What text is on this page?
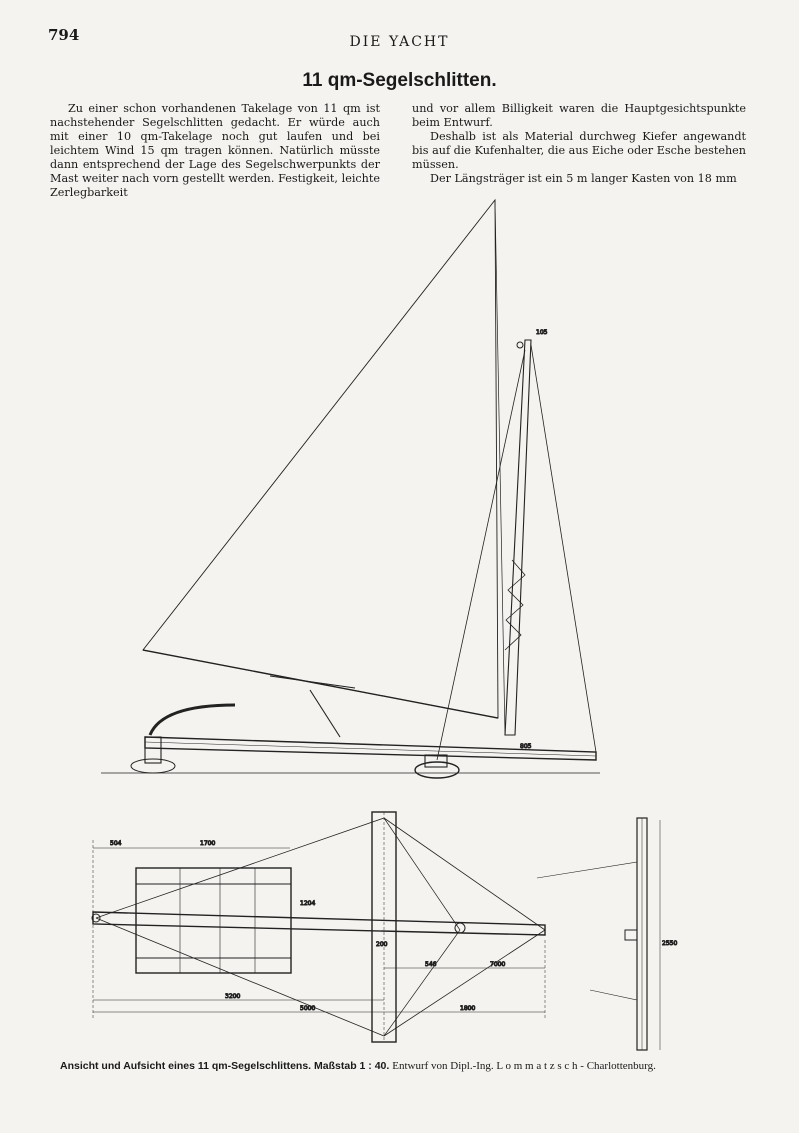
794	DIE YACHT
11 qm-Segelschlitten.

Zu einer schon vorhandenen Takelage von 11 qm ist nachstehender Segelschlitten gedacht. Er würde auch mit einer 10 qm-Takelage noch gut laufen und bei leichtem Wind 15 qm tragen können. Natürlich müsste dann entsprechend der Lage des Segelschwerpunkts der Mast weiter nach vorn gestellt werden. Festigkeit, leichte Zerlegbarkeit

und vor allem Billigkeit waren die Hauptgesichtspunkte beim Entwurf.

Deshalb ist als Material durchweg Kiefer angewandt bis auf die Kufenhalter, die aus Eiche oder Esche bestehen müssen.

Der Längsträger ist ein 5 m langer Kasten von 18 mm

105
805
504	1700
3200
5000	1800
7000
546
200
1204
2550
Ansicht und Aufsicht eines 11 qm-Segelschlittens. Maßstab 1 : 40. Entwurf von Dipl.-Ing. L o m m a t z s c h - Charlottenburg.
